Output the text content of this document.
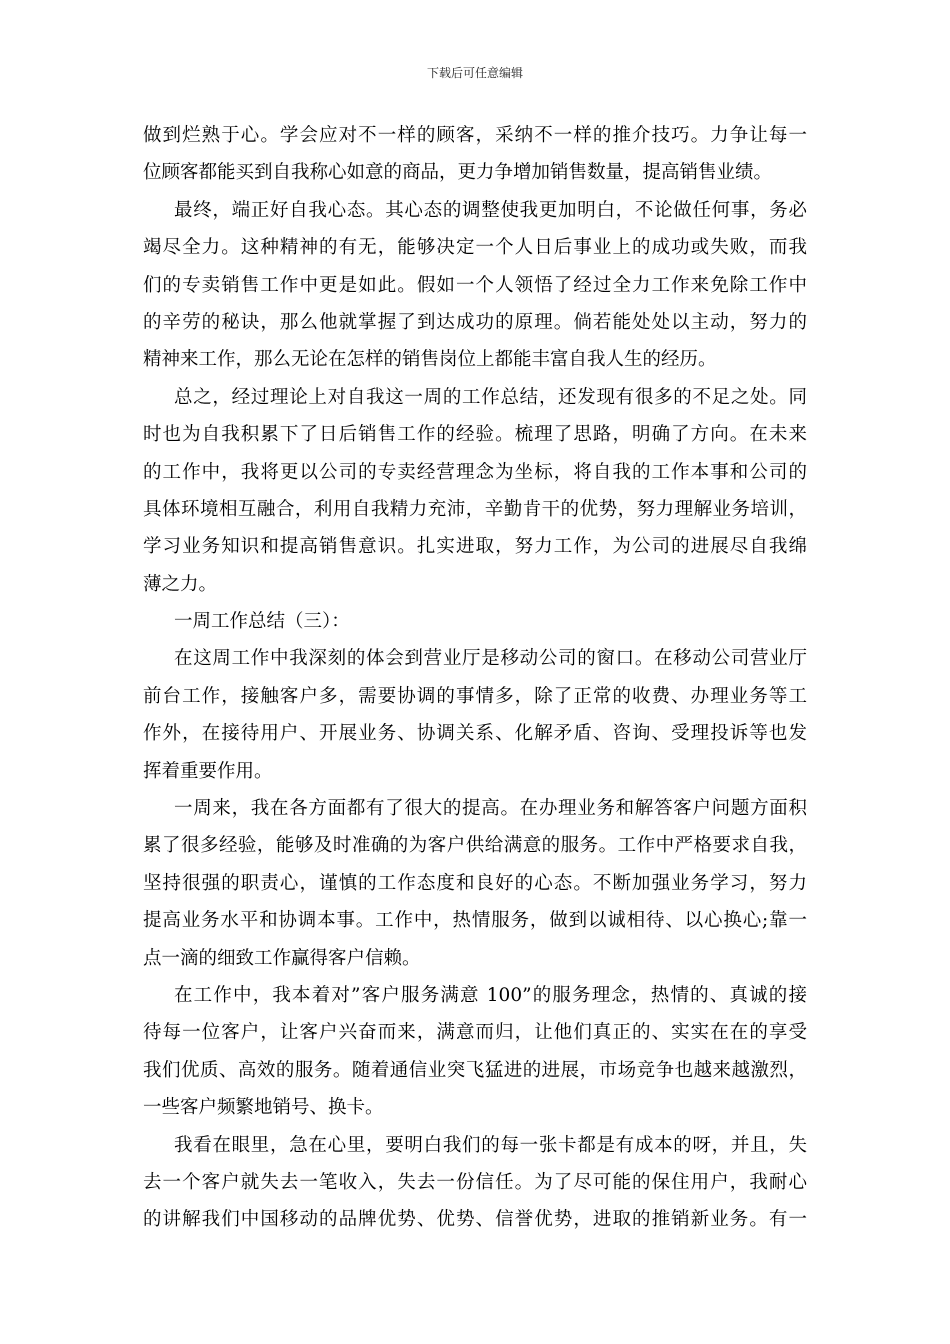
下载后可任意编辑
做到烂熟于心。学会应对不一样的顾客，采纳不一样的推介技巧。力争让每一
位顾客都能买到自我称心如意的商品，更力争增加销售数量，提高销售业绩。
最终，端正好自我心态。其心态的调整使我更加明白，不论做任何事，务必
竭尽全力。这种精神的有无，能够决定一个人日后事业上的成功或失败，而我
们的专卖销售工作中更是如此。假如一个人领悟了经过全力工作来免除工作中
的辛劳的秘诀，那么他就掌握了到达成功的原理。倘若能处处以主动，努力的
精神来工作，那么无论在怎样的销售岗位上都能丰富自我人生的经历。
总之，经过理论上对自我这一周的工作总结，还发现有很多的不足之处。同
时也为自我积累下了日后销售工作的经验。梳理了思路，明确了方向。在未来
的工作中，我将更以公司的专卖经营理念为坐标，将自我的工作本事和公司的
具体环境相互融合，利用自我精力充沛，辛勤肯干的优势，努力理解业务培训，
学习业务知识和提高销售意识。扎实进取，努力工作，为公司的进展尽自我绵
薄之力。
一周工作总结（三）：
在这周工作中我深刻的体会到营业厅是移动公司的窗口。在移动公司营业厅
前台工作，接触客户多，需要协调的事情多，除了正常的收费、办理业务等工
作外，在接待用户、开展业务、协调关系、化解矛盾、咨询、受理投诉等也发
挥着重要作用。
一周来，我在各方面都有了很大的提高。在办理业务和解答客户问题方面积
累了很多经验，能够及时准确的为客户供给满意的服务。工作中严格要求自我，
坚持很强的职责心，谨慎的工作态度和良好的心态。不断加强业务学习，努力
提高业务水平和协调本事。工作中，热情服务，做到以诚相待、以心换心;靠一
点一滴的细致工作赢得客户信赖。
在工作中，我本着对”客户服务满意 100”的服务理念，热情的、真诚的接
待每一位客户，让客户兴奋而来，满意而归，让他们真正的、实实在在的享受
我们优质、高效的服务。随着通信业突飞猛进的进展，市场竞争也越来越激烈，
一些客户频繁地销号、换卡。
我看在眼里，急在心里，要明白我们的每一张卡都是有成本的呀，并且，失
去一个客户就失去一笔收入，失去一份信任。为了尽可能的保住用户，我耐心
的讲解我们中国移动的品牌优势、优势、信誉优势，进取的推销新业务。有一
